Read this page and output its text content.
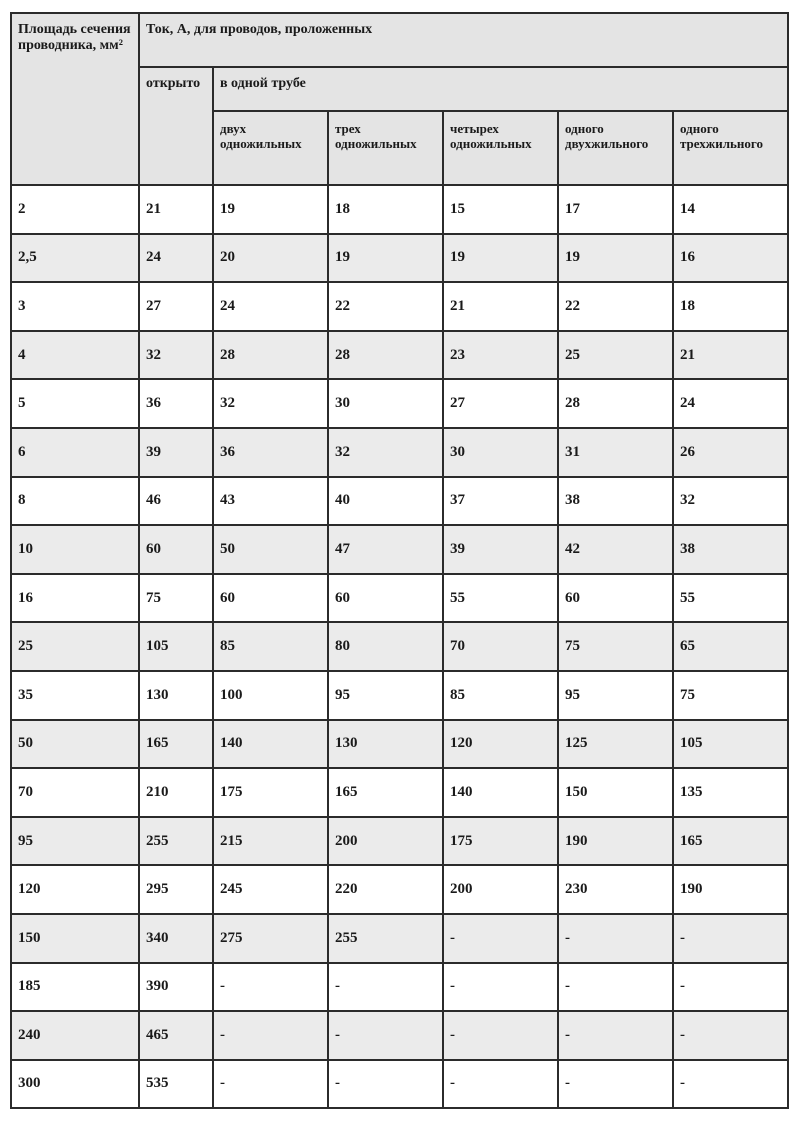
Площадь сечения проводника, мм²	Ток, А, для проводов, проложенных					
	открыто	в одной трубе				
		двух одножильных	трех одножильных	четырех одножильных	одного двухжильного	одного трехжильного
2	21	19	18	15	17	14
2,5	24	20	19	19	19	16
3	27	24	22	21	22	18
4	32	28	28	23	25	21
5	36	32	30	27	28	24
6	39	36	32	30	31	26
8	46	43	40	37	38	32
10	60	50	47	39	42	38
16	75	60	60	55	60	55
25	105	85	80	70	75	65
35	130	100	95	85	95	75
50	165	140	130	120	125	105
70	210	175	165	140	150	135
95	255	215	200	175	190	165
120	295	245	220	200	230	190
150	340	275	255	-	-	-
185	390	-	-	-	-	-
240	465	-	-	-	-	-
300	535	-	-	-	-	-
